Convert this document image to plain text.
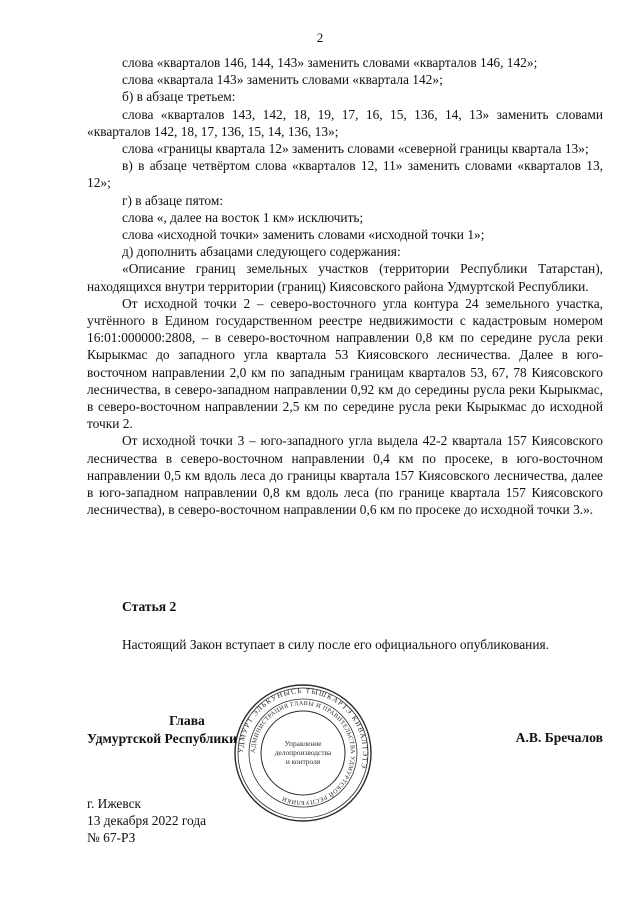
2

слова «кварталов 146, 144, 143» заменить словами «кварталов 146, 142»;

слова «квартала 143» заменить словами «квартала 142»;

б) в абзаце третьем:

слова «кварталов 143, 142, 18, 19, 17, 16, 15, 136, 14, 13» заменить словами «кварталов 142, 18, 17, 136, 15, 14, 136, 13»;

слова «границы квартала 12» заменить словами «северной границы квартала 13»;

в) в абзаце четвёртом слова «кварталов 12, 11» заменить словами «кварталов 13, 12»;

г) в абзаце пятом:

слова «, далее на восток 1 км» исключить;

слова «исходной точки» заменить словами «исходной точки 1»;

д) дополнить абзацами следующего содержания:

«Описание границ земельных участков (территории Республики Татарстан), находящихся внутри территории (границ) Киясовского района Удмуртской Республики.

От исходной точки 2 – северо-восточного угла контура 24 земельного участка, учтённого в Едином государственном реестре недвижимости с кадастровым номером 16:01:000000:2808, – в северо-восточном направлении 0,8 км по середине русла реки Кырыкмас до западного угла квартала 53 Киясовского лесничества. Далее в юго-восточном направлении 2,0 км по западным границам кварталов 53, 67, 78 Киясовского лесничества, в северо-западном направлении 0,92 км до середины русла реки Кырыкмас, в северо-восточном направлении 2,5 км по середине русла реки Кырыкмас до исходной точки 2.

От исходной точки 3 – юго-западного угла выдела 42-2 квартала 157 Киясовского лесничества в северо-восточном направлении 0,4 км по просеке, в юго-восточном направлении 0,5 км вдоль леса до границы квартала 157 Киясовского лесничества, далее в юго-западном направлении 0,8 км вдоль леса (по границе квартала 157 Киясовского лесничества), в северо-восточном направлении 0,6 км по просеке до исходной точки 3.».

Статья 2
Настоящий Закон вступает в силу после его официального опубликования.
УДМУРТ ЭЛЬКУНЫСЬ ТЫШКАРТЭ КИВАЛТЭТЭ
АДМИНИСТРАЦИЯ ГЛАВЫ И ПРАВИТЕЛЬСТВА УДМУРТСКОЙ РЕСПУБЛИКИ
Управление
делопроизводства
и контроля
Глава
Удмуртской Республики	А.В. Бречалов
г. Ижевск
13 декабря 2022 года
№ 67-РЗ
